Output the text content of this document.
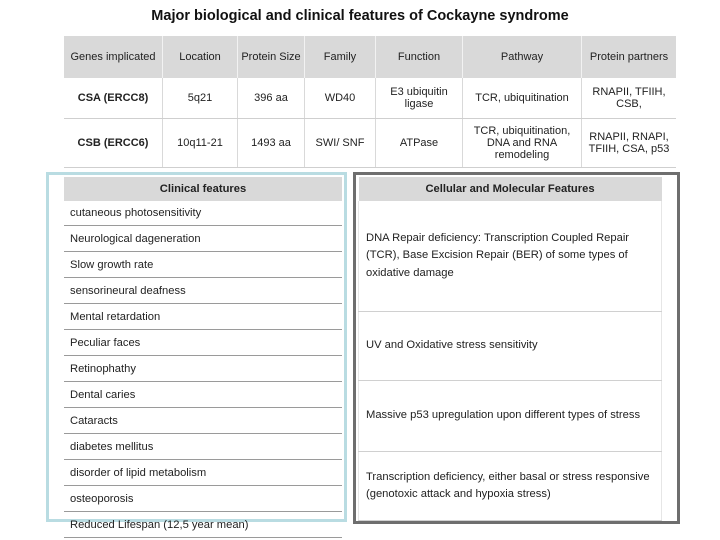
Major biological and clinical features of Cockayne syndrome
Genes implicated	Location	Protein Size	Family	Function	Pathway	Protein partners
CSA (ERCC8)	5q21	396 aa	WD40	E3 ubiquitin ligase	TCR, ubiquitination	RNAPII, TFIIH, CSB,
CSB (ERCC6)	10q11-21	1493 aa	SWI/ SNF	ATPase	TCR, ubiquitination, DNA and RNA remodeling	RNAPII, RNAPI, TFIIH, CSA, p53
Clinical features
cutaneous photosensitivity
Neurological dageneration
Slow growth rate
sensorineural deafness
Mental retardation
Peculiar faces
Retinophathy
Dental caries
Cataracts
diabetes mellitus
disorder of lipid metabolism
osteoporosis
Reduced Lifespan (12,5 year mean)
Cellular and Molecular Features
DNA Repair deficiency: Transcription Coupled Repair (TCR), Base Excision Repair (BER) of some types of oxidative damage
UV and Oxidative stress sensitivity
Massive p53 upregulation upon different types of stress
Transcription deficiency, either basal or stress responsive (genotoxic attack and hypoxia stress)
